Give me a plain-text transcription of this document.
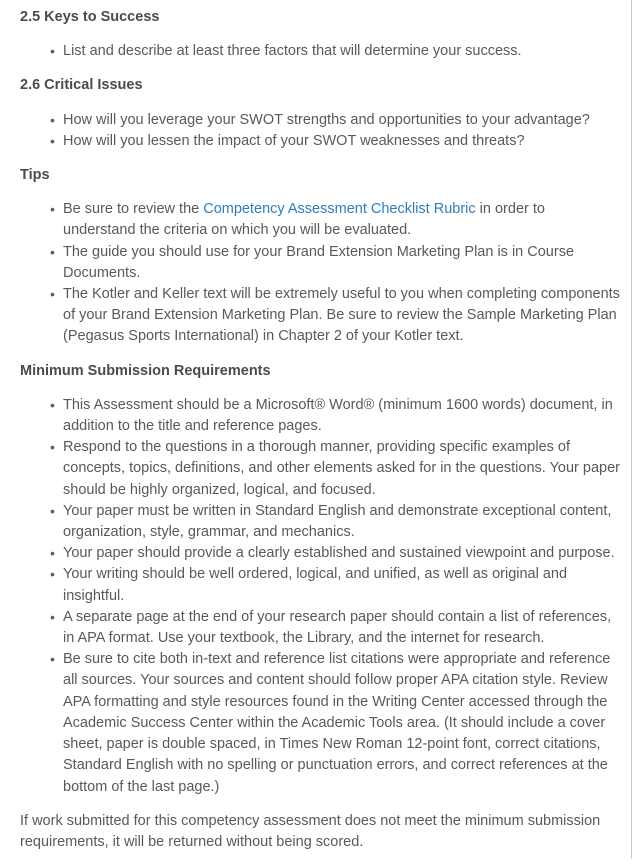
2.5 Keys to Success
• List and describe at least three factors that will determine your success.
2.6 Critical Issues
• How will you leverage your SWOT strengths and opportunities to your advantage?
• How will you lessen the impact of your SWOT weaknesses and threats?
Tips
• Be sure to review the Competency Assessment Checklist Rubric in order to understand the criteria on which you will be evaluated.
• The guide you should use for your Brand Extension Marketing Plan is in Course Documents.
• The Kotler and Keller text will be extremely useful to you when completing components of your Brand Extension Marketing Plan. Be sure to review the Sample Marketing Plan (Pegasus Sports International) in Chapter 2 of your Kotler text.
Minimum Submission Requirements
• This Assessment should be a Microsoft® Word® (minimum 1600 words) document, in addition to the title and reference pages.
• Respond to the questions in a thorough manner, providing specific examples of concepts, topics, definitions, and other elements asked for in the questions. Your paper should be highly organized, logical, and focused.
• Your paper must be written in Standard English and demonstrate exceptional content, organization, style, grammar, and mechanics.
• Your paper should provide a clearly established and sustained viewpoint and purpose.
• Your writing should be well ordered, logical, and unified, as well as original and insightful.
• A separate page at the end of your research paper should contain a list of references, in APA format. Use your textbook, the Library, and the internet for research.
• Be sure to cite both in-text and reference list citations were appropriate and reference all sources. Your sources and content should follow proper APA citation style. Review APA formatting and style resources found in the Writing Center accessed through the Academic Success Center within the Academic Tools area. (It should include a cover sheet, paper is double spaced, in Times New Roman 12-point font, correct citations, Standard English with no spelling or punctuation errors, and correct references at the bottom of the last page.)

If work submitted for this competency assessment does not meet the minimum submission requirements, it will be returned without being scored.
